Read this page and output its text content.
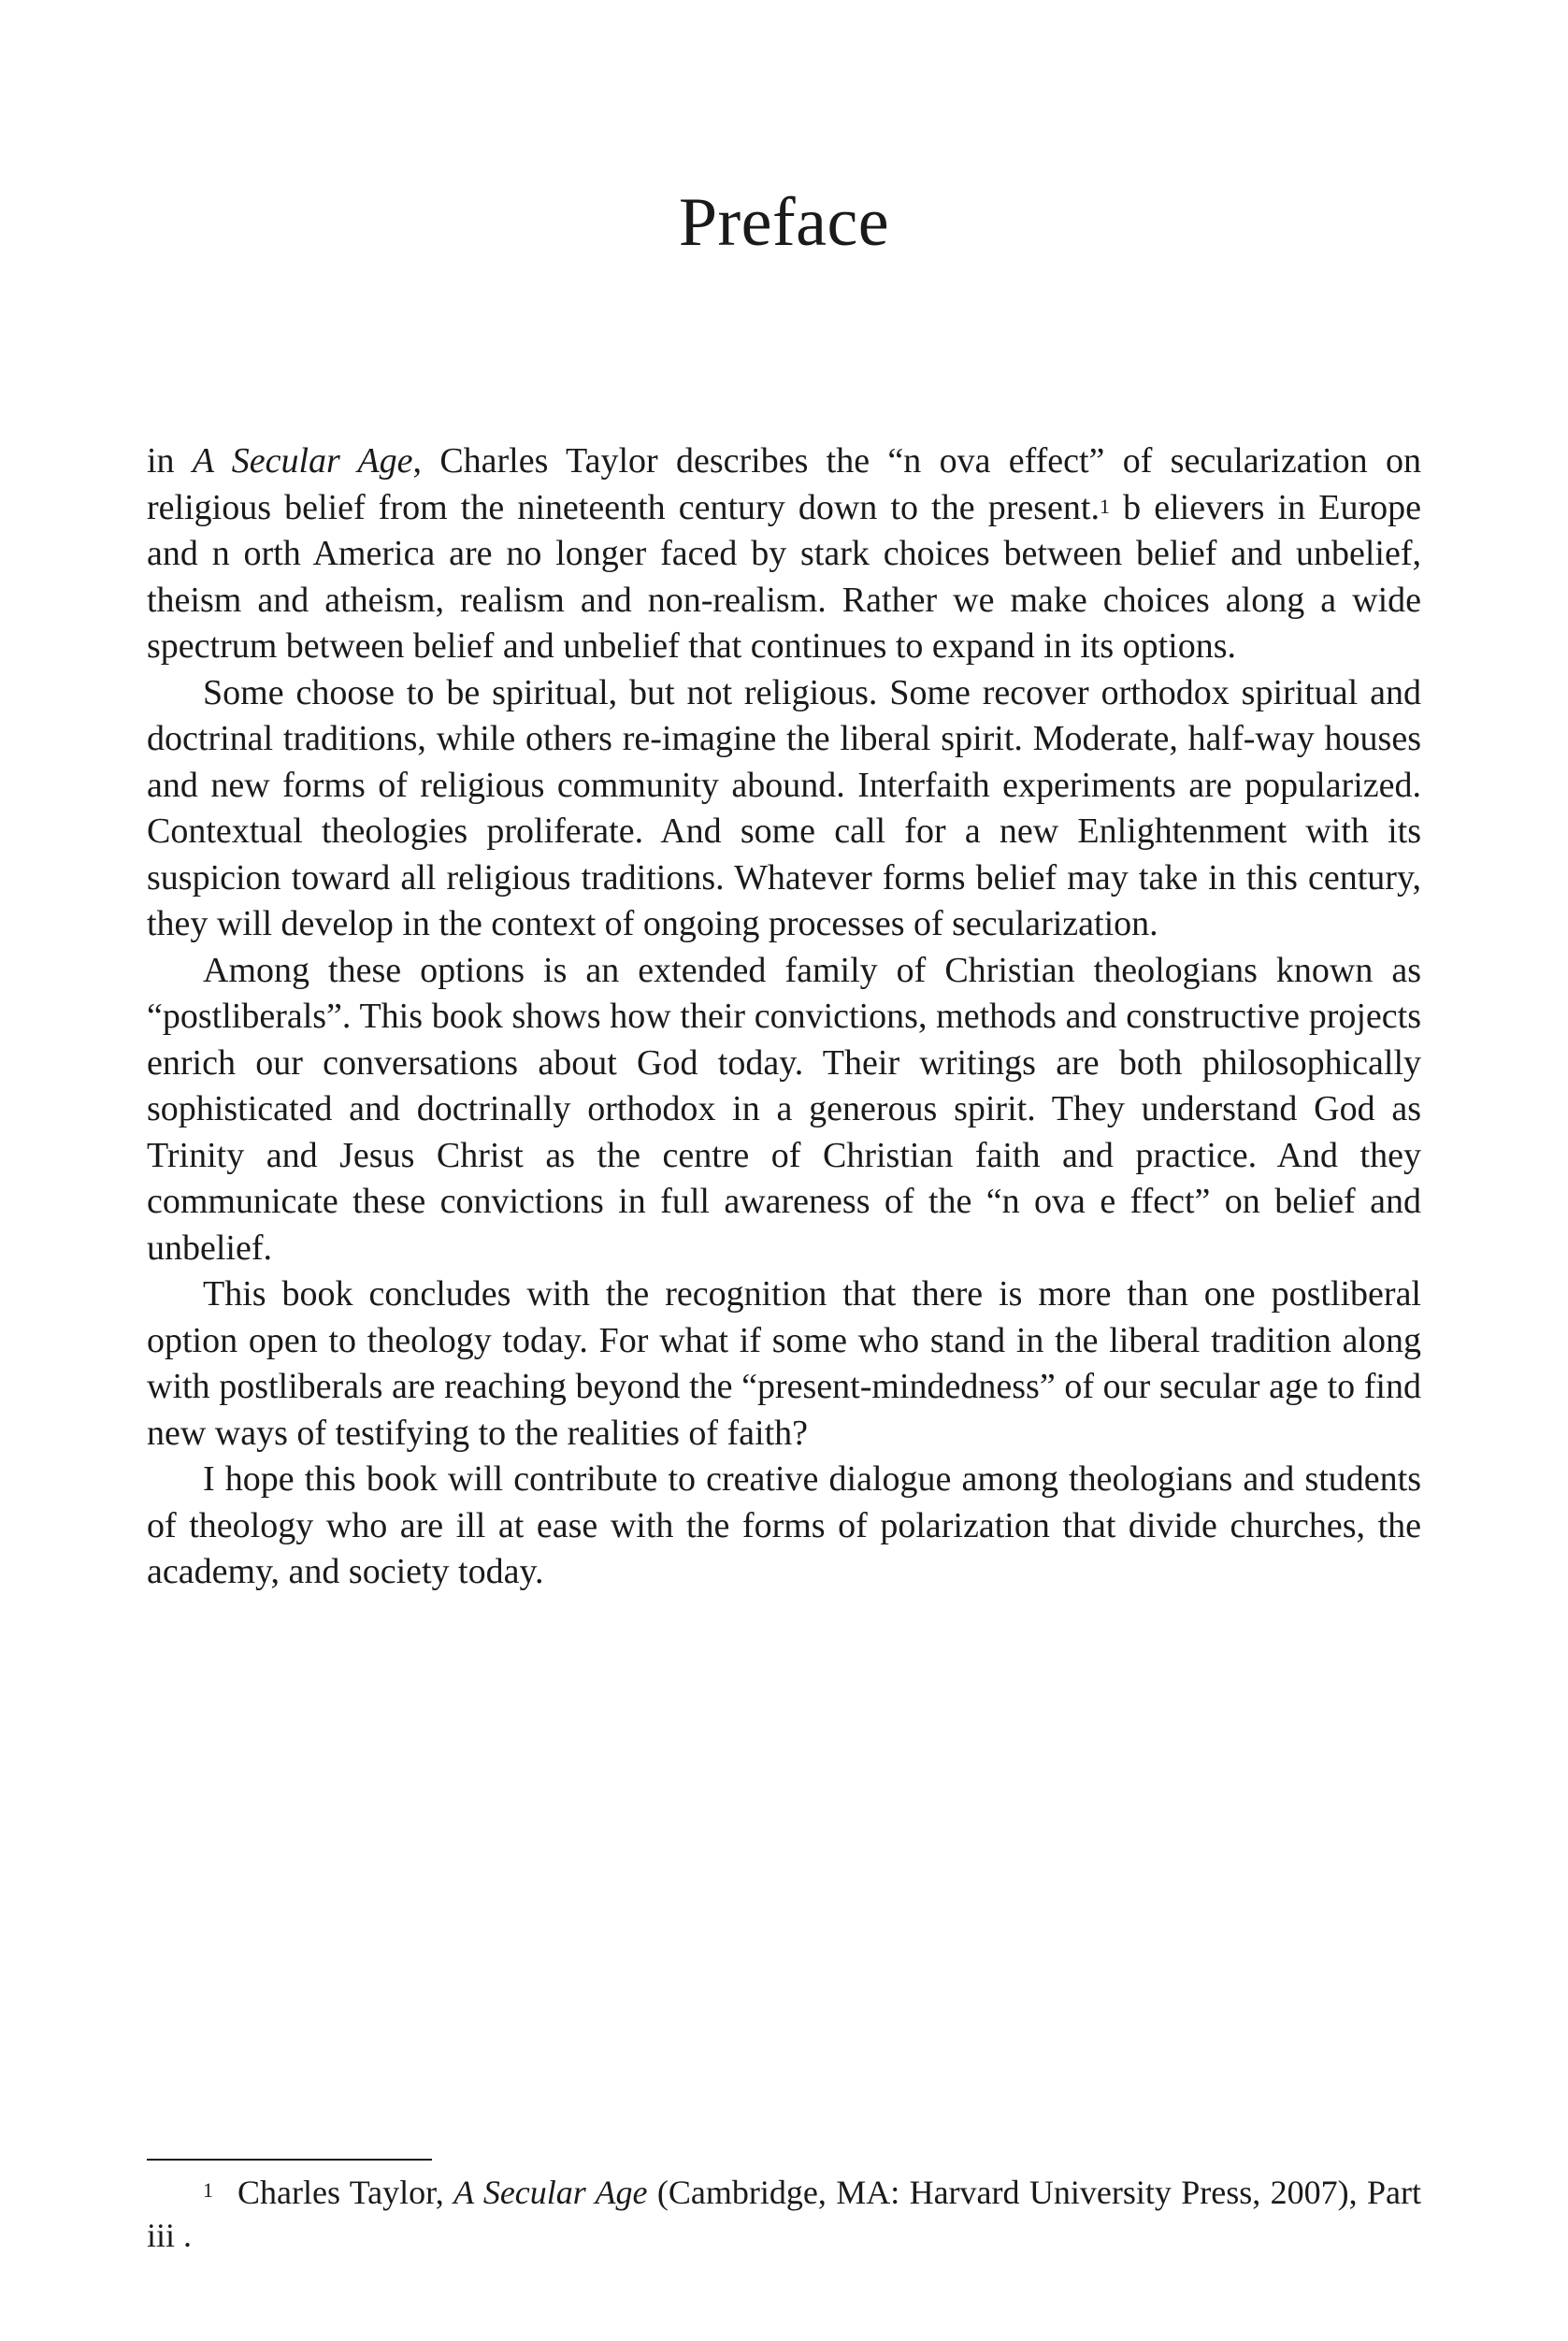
Preface

in A Secular Age, Charles Taylor describes the “n ova effect” of secularization on religious belief from the nineteenth century down to the present.$^1$ b elievers in Europe and n orth America are no longer faced by stark choices between belief and unbelief, theism and atheism, realism and non-realism. Rather we make choices along a wide spectrum between belief and unbelief that continues to expand in its options.

Some choose to be spiritual, but not religious. Some recover orthodox spiritual and doctrinal traditions, while others re-imagine the liberal spirit. Moderate, half-way houses and new forms of religious community abound. Interfaith experiments are popularized. Contextual theologies proliferate. And some call for a new Enlightenment with its suspicion toward all religious traditions. Whatever forms belief may take in this century, they will develop in the context of ongoing processes of secularization.

Among these options is an extended family of Christian theologians known as “postliberals”. This book shows how their convictions, methods and constructive projects enrich our conversations about God today. Their writings are both philosophically sophisticated and doctrinally orthodox in a generous spirit. They understand God as Trinity and Jesus Christ as the centre of Christian faith and practice. And they communicate these convictions in full awareness of the “n ova e ffect” on belief and unbelief.

This book concludes with the recognition that there is more than one postliberal option open to theology today. For what if some who stand in the liberal tradition along with postliberals are reaching beyond the “present-mindedness” of our secular age to find new ways of testifying to the realities of faith?

I hope this book will contribute to creative dialogue among theologians and students of theology who are ill at ease with the forms of polarization that divide churches, the academy, and society today.

$^1$ Charles Taylor, A Secular Age (Cambridge, MA: Harvard University Press, 2007), Part iii .
